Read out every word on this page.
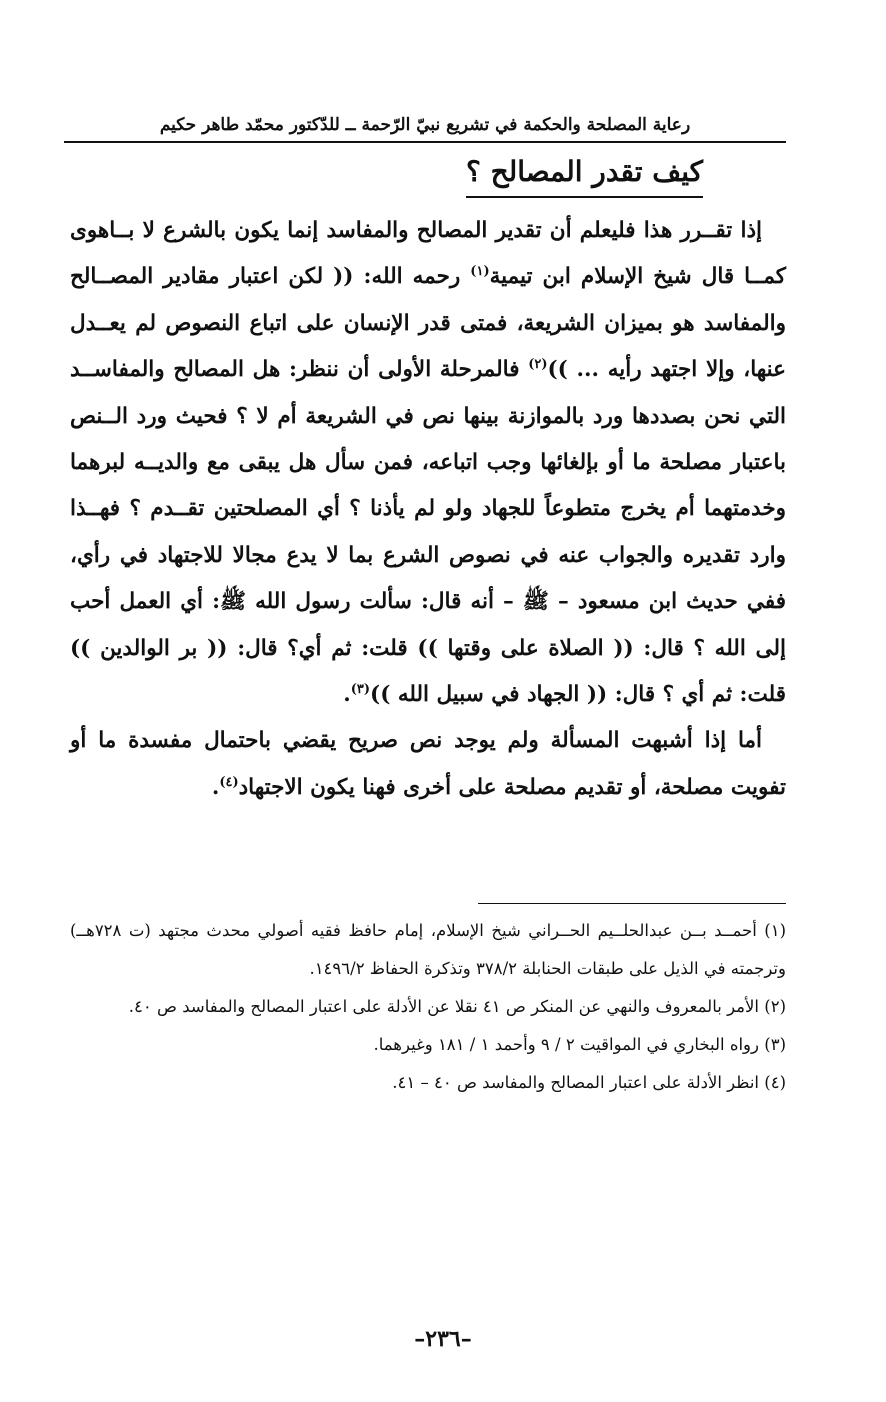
رعاية المصلحة والحكمة في تشريع نبيّ الرّحمة ــ للدّكتور محمّد طاهر حكيم
كيف تقدر المصالح ؟

إذا تقــرر هذا فليعلم أن تقدير المصالح والمفاسد إنما يكون بالشرع لا بــاهوى كمــا قال شيخ الإسلام ابن تيمية$^{(١)}$ رحمه الله: (( لكن اعتبار مقادير المصــالح والمفاسد هو بميزان الشريعة، فمتى قدر الإنسان على اتباع النصوص لم يعــدل عنها، وإلا اجتهد رأيه ... ))$^{(٢)}$ فالمرحلة الأولى أن ننظر: هل المصالح والمفاســد التي نحن بصددها ورد بالموازنة بينها نص في الشريعة أم لا ؟ فحيث ورد الــنص باعتبار مصلحة ما أو بإلغائها وجب اتباعه، فمن سأل هل يبقى مع والديــه لبرهما وخدمتهما أم يخرج متطوعاً للجهاد ولو لم يأذنا ؟ أي المصلحتين تقــدم ؟ فهــذا وارد تقديره والجواب عنه في نصوص الشرع بما لا يدع مجالا للاجتهاد في رأي، ففي حديث ابن مسعود – ﷺ – أنه قال: سألت رسول الله ﷺ: أي العمل أحب إلى الله ؟ قال: (( الصلاة على وقتها )) قلت: ثم أي؟ قال: (( بر الوالدين )) قلت: ثم أي ؟ قال: (( الجهاد في سبيل الله ))$^{(٣)}$.

أما إذا أشبهت المسألة ولم يوجد نص صريح يقضي باحتمال مفسدة ما أو تفويت مصلحة، أو تقديم مصلحة على أخرى فهنا يكون الاجتهاد$^{(٤)}$.

(١) أحمــد بــن عبدالحلــيم الحــراني شيخ الإسلام، إمام حافظ فقيه أصولي محدث مجتهد (ت ٧٢٨هــ) وترجمته في الذيل على طبقات الحنابلة ٣٧٨/٢ وتذكرة الحفاظ ١٤٩٦/٢.

(٢) الأمر بالمعروف والنهي عن المنكر ص ٤١ نقلا عن الأدلة على اعتبار المصالح والمفاسد ص ٤٠.

(٣) رواه البخاري في المواقيت ٢ / ٩ وأحمد ١ / ١٨١ وغيرهما.

(٤) انظر الأدلة على اعتبار المصالح والمفاسد ص ٤٠ – ٤١.

–٢٣٦–
